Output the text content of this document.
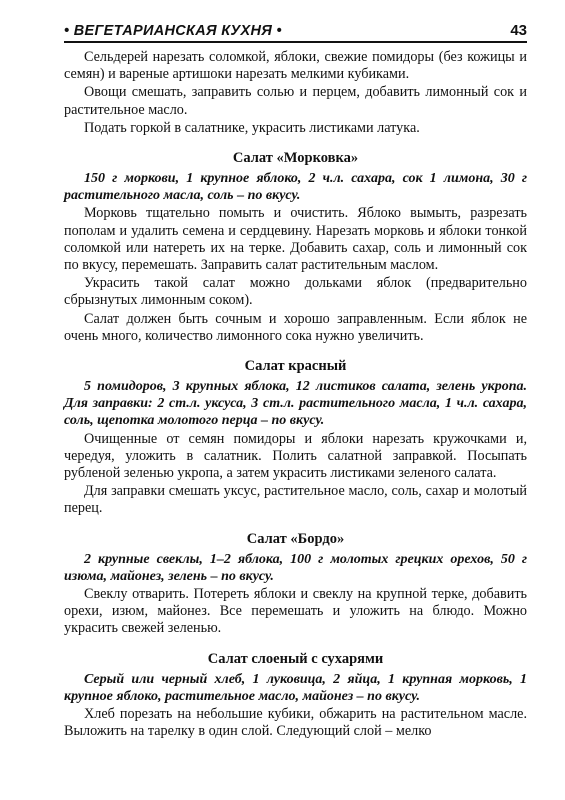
• ВЕГЕТАРИАНСКАЯ КУХНЯ •	43

Сельдерей нарезать соломкой, яблоки, свежие помидоры (без кожицы и семян) и вареные артишоки нарезать мелкими кубиками.

Овощи смешать, заправить солью и перцем, добавить лимонный сок и растительное масло.

Подать горкой в салатнике, украсить листиками латука.

Салат «Морковка»

150 г моркови, 1 крупное яблоко, 2 ч.л. сахара, сок 1 лимона, 30 г растительного масла, соль – по вкусу.

Морковь тщательно помыть и очистить. Яблоко вымыть, разрезать пополам и удалить семена и сердцевину. Нарезать морковь и яблоки тонкой соломкой или натереть их на терке. Добавить сахар, соль и лимонный сок по вкусу, перемешать. Заправить салат растительным маслом.

Украсить такой салат можно дольками яблок (предварительно сбрызнутых лимонным соком).

Салат должен быть сочным и хорошо заправленным. Если яблок не очень много, количество лимонного сока нужно увеличить.

Салат красный

5 помидоров, 3 крупных яблока, 12 листиков салата, зелень укропа. Для заправки: 2 ст.л. уксуса, 3 ст.л. растительного масла, 1 ч.л. сахара, соль, щепотка молотого перца – по вкусу.

Очищенные от семян помидоры и яблоки нарезать кружочками и, чередуя, уложить в салатник. Полить салатной заправкой. Посыпать рубленой зеленью укропа, а затем украсить листиками зеленого салата.

Для заправки смешать уксус, растительное масло, соль, сахар и молотый перец.

Салат «Бордо»

2 крупные свеклы, 1–2 яблока, 100 г молотых грецких орехов, 50 г изюма, майонез, зелень – по вкусу.

Свеклу отварить. Потереть яблоки и свеклу на крупной терке, добавить орехи, изюм, майонез. Все перемешать и уложить на блюдо. Можно украсить свежей зеленью.

Салат слоеный с сухарями

Серый или черный хлеб, 1 луковица, 2 яйца, 1 крупная морковь, 1 крупное яблоко, растительное масло, майонез – по вкусу.

Хлеб порезать на небольшие кубики, обжарить на растительном масле. Выложить на тарелку в один слой. Следующий слой – мелко
